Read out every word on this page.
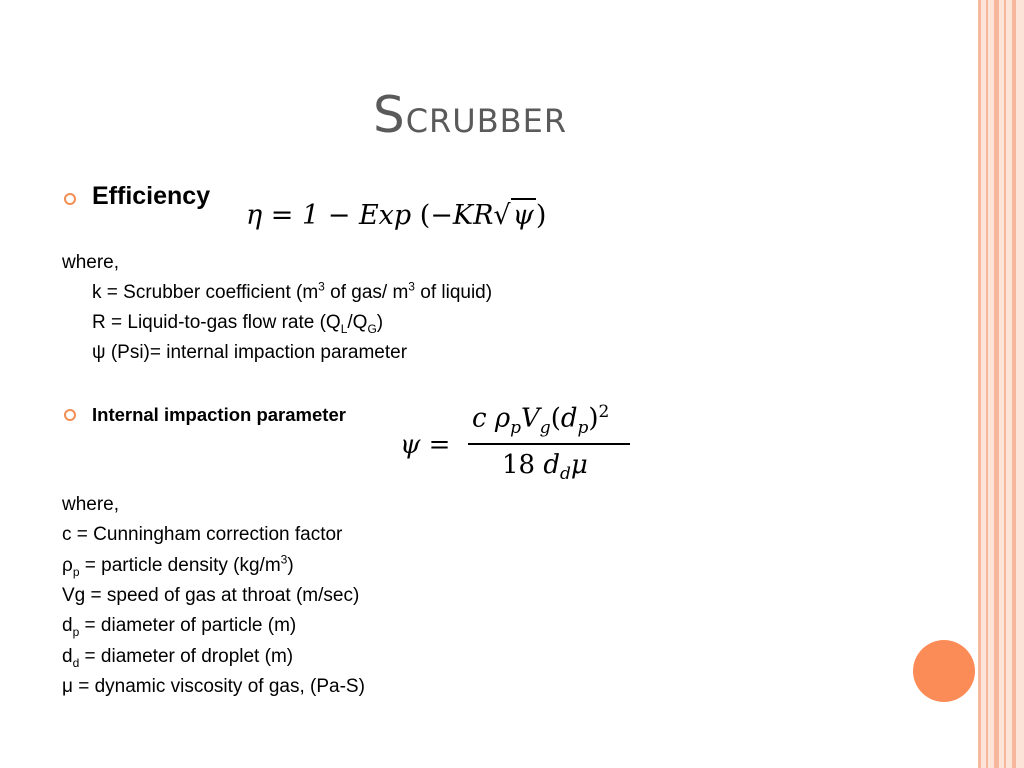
Scrubber
Efficiency
η = 1 − Exp (−KR√ψ)
where,
k = Scrubber coefficient ($m^3$ of gas/ $m^3$ of liquid)
R = Liquid-to-gas flow rate $(Q_L/Q_G)$
ψ (Psi)= internal impaction parameter
Internal impaction parameter
ψ =
c $\rho_pV_g(d_p)^2$
18 $d_d\mu$
where,
c = Cunningham correction factor
$\rho_p$ = particle density $(kg/m^3)$
Vg = speed of gas at throat (m/sec)
$d_p$ = diameter of particle (m)
$d_d$ = diameter of droplet (m)
μ = dynamic viscosity of gas, (Pa-S)
